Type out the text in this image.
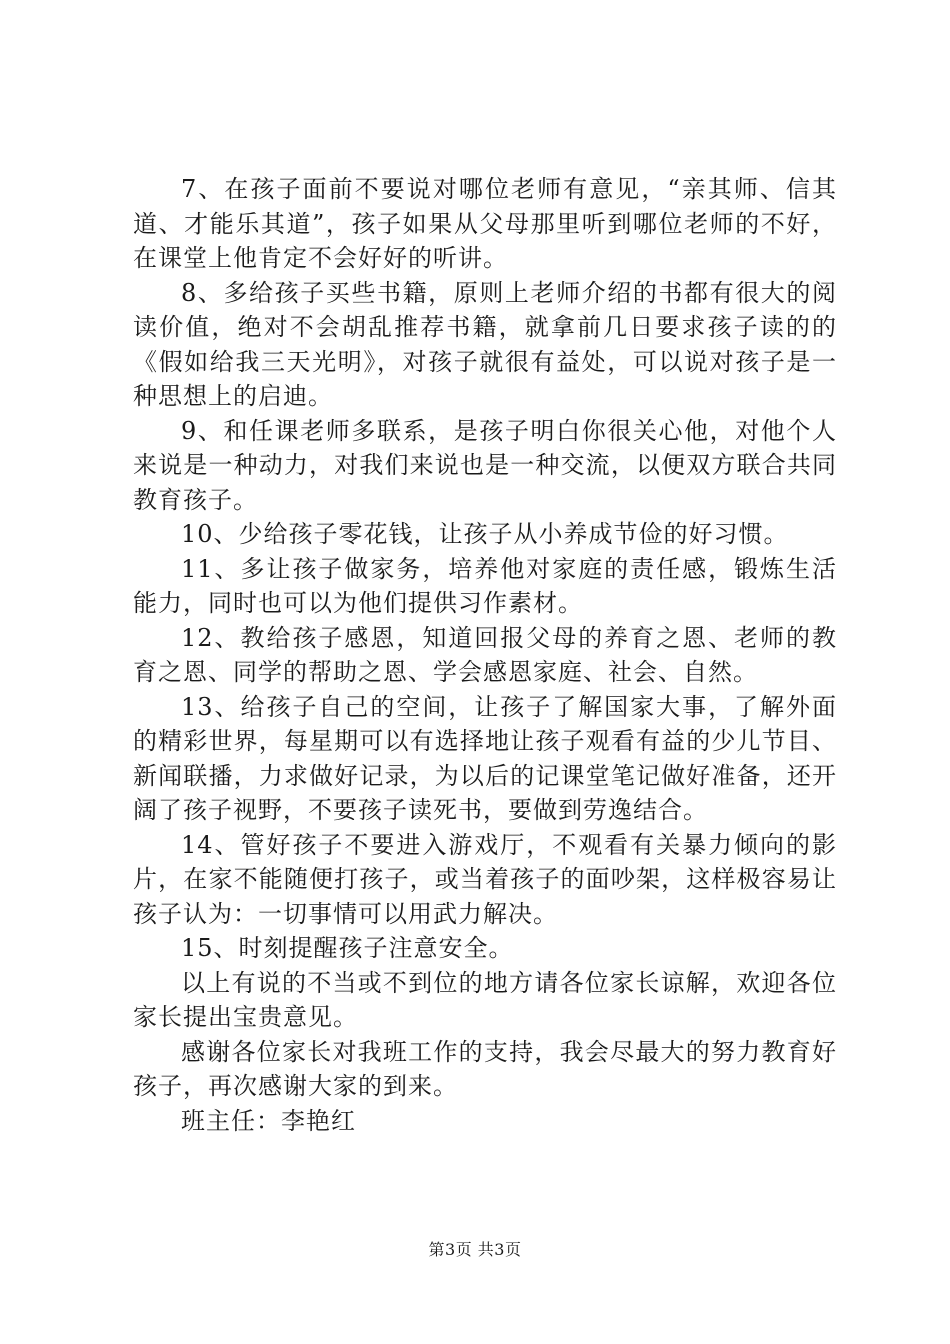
7、在孩子面前不要说对哪位老师有意见，“亲其师、信其道、才能乐其道”，孩子如果从父母那里听到哪位老师的不好，在课堂上他肯定不会好好的听讲。

8、多给孩子买些书籍，原则上老师介绍的书都有很大的阅读价值，绝对不会胡乱推荐书籍，就拿前几日要求孩子读的的《假如给我三天光明》，对孩子就很有益处，可以说对孩子是一种思想上的启迪。

9、和任课老师多联系，是孩子明白你很关心他，对他个人来说是一种动力，对我们来说也是一种交流，以便双方联合共同教育孩子。

10、少给孩子零花钱，让孩子从小养成节俭的好习惯。

11、多让孩子做家务，培养他对家庭的责任感，锻炼生活能力，同时也可以为他们提供习作素材。

12、教给孩子感恩，知道回报父母的养育之恩、老师的教育之恩、同学的帮助之恩、学会感恩家庭、社会、自然。

13、给孩子自己的空间，让孩子了解国家大事，了解外面的精彩世界，每星期可以有选择地让孩子观看有益的少儿节目、新闻联播，力求做好记录，为以后的记课堂笔记做好准备，还开阔了孩子视野，不要孩子读死书，要做到劳逸结合。

14、管好孩子不要进入游戏厅，不观看有关暴力倾向的影片，在家不能随便打孩子，或当着孩子的面吵架，这样极容易让孩子认为：一切事情可以用武力解决。

15、时刻提醒孩子注意安全。

以上有说的不当或不到位的地方请各位家长谅解，欢迎各位家长提出宝贵意见。

感谢各位家长对我班工作的支持，我会尽最大的努力教育好孩子，再次感谢大家的到来。

班主任：李艳红

第3页 共3页
